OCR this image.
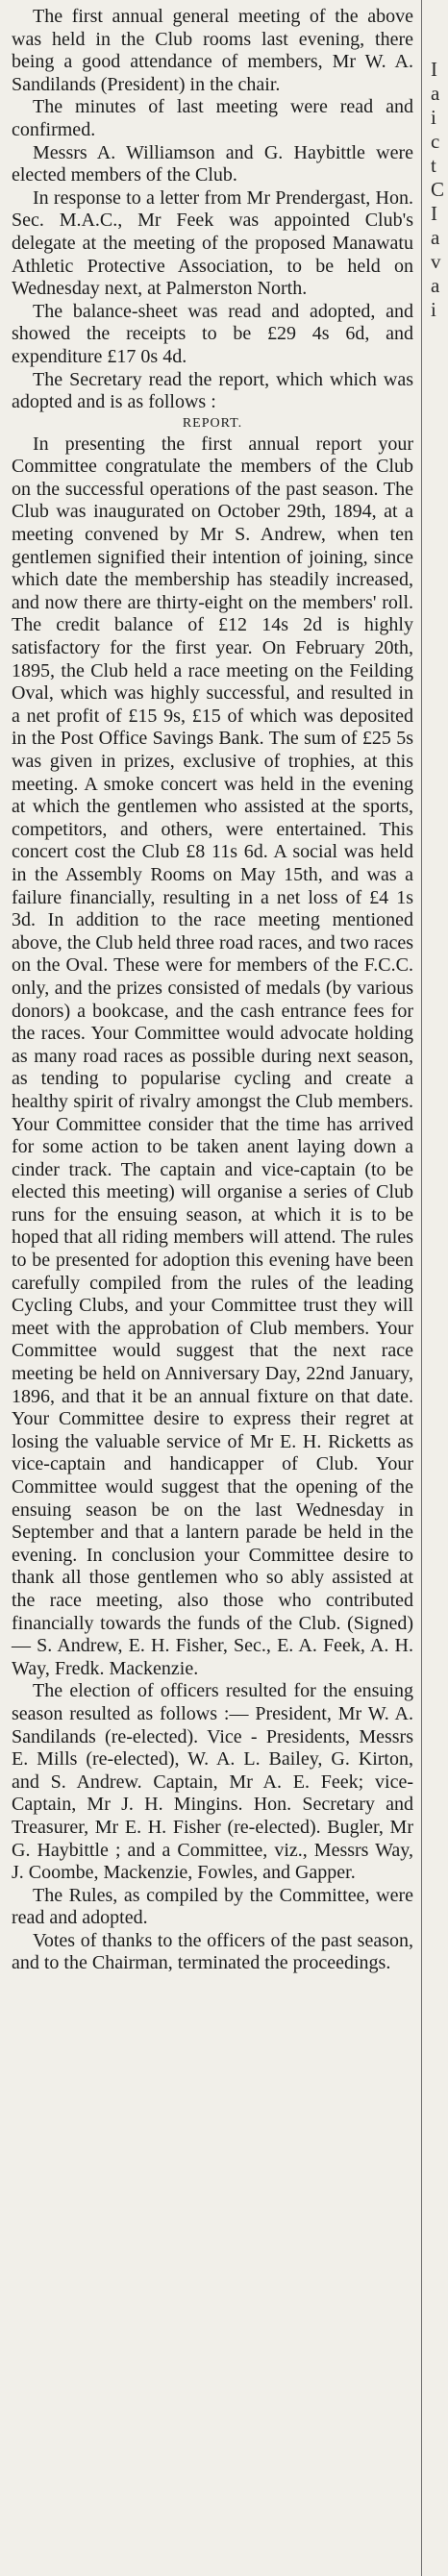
The first annual general meeting of the above was held in the Club rooms last evening, there being a good attendance of members, Mr W. A. Sandilands (President) in the chair.

The minutes of last meeting were read and confirmed.

Messrs A. Williamson and G. Haybittle were elected members of the Club.

In response to a letter from Mr Prendergast, Hon. Sec. M.A.C., Mr Feek was appointed Club's delegate at the meeting of the proposed Manawatu Athletic Protective Association, to be held on Wednesday next, at Palmerston North.

The balance-sheet was read and adopted, and showed the receipts to be £29 4s 6d, and expenditure £17 0s 4d.

The Secretary read the report, which which was adopted and is as follows :

REPORT.

In presenting the first annual report your Committee congratulate the members of the Club on the successful operations of the past season. The Club was inaugurated on October 29th, 1894, at a meeting convened by Mr S. Andrew, when ten gentlemen signified their intention of joining, since which date the membership has steadily increased, and now there are thirty-eight on the members' roll. The credit balance of £12 14s 2d is highly satisfactory for the first year. On February 20th, 1895, the Club held a race meeting on the Feilding Oval, which was highly successful, and resulted in a net profit of £15 9s, £15 of which was deposited in the Post Office Savings Bank. The sum of £25 5s was given in prizes, exclusive of trophies, at this meeting. A smoke concert was held in the evening at which the gentlemen who assisted at the sports, competitors, and others, were entertained. This concert cost the Club £8 11s 6d. A social was held in the Assembly Rooms on May 15th, and was a failure financially, resulting in a net loss of £4 1s 3d. In addition to the race meeting mentioned above, the Club held three road races, and two races on the Oval. These were for members of the F.C.C. only, and the prizes consisted of medals (by various donors) a bookcase, and the cash entrance fees for the races. Your Committee would advocate holding as many road races as possible during next season, as tending to popularise cycling and create a healthy spirit of rivalry amongst the Club members. Your Committee consider that the time has arrived for some action to be taken anent laying down a cinder track. The captain and vice-captain (to be elected this meeting) will organise a series of Club runs for the ensuing season, at which it is to be hoped that all riding members will attend. The rules to be presented for adoption this evening have been carefully compiled from the rules of the leading Cycling Clubs, and your Committee trust they will meet with the approbation of Club members. Your Committee would suggest that the next race meeting be held on Anniversary Day, 22nd January, 1896, and that it be an annual fixture on that date. Your Committee desire to express their regret at losing the valuable service of Mr E. H. Ricketts as vice-captain and handicapper of Club. Your Committee would suggest that the opening of the ensuing season be on the last Wednesday in September and that a lantern parade be held in the evening. In conclusion your Committee desire to thank all those gentlemen who so ably assisted at the race meeting, also those who contributed financially towards the funds of the Club. (Signed) — S. Andrew, E. H. Fisher, Sec., E. A. Feek, A. H. Way, Fredk. Mackenzie.

The election of officers resulted for the ensuing season resulted as follows :— President, Mr W. A. Sandilands (re-elected). Vice - Presidents, Messrs E. Mills (re-elected), W. A. L. Bailey, G. Kirton, and S. Andrew. Captain, Mr A. E. Feek; vice-Captain, Mr J. H. Mingins. Hon. Secretary and Treasurer, Mr E. H. Fisher (re-elected). Bugler, Mr G. Haybittle ; and a Committee, viz., Messrs Way, J. Coombe, Mackenzie, Fowles, and Gapper.

The Rules, as compiled by the Committee, were read and adopted.

Votes of thanks to the officers of the past season, and to the Chairman, terminated the proceedings.

I
a
i
c
t
C
I
a
v
a
i
